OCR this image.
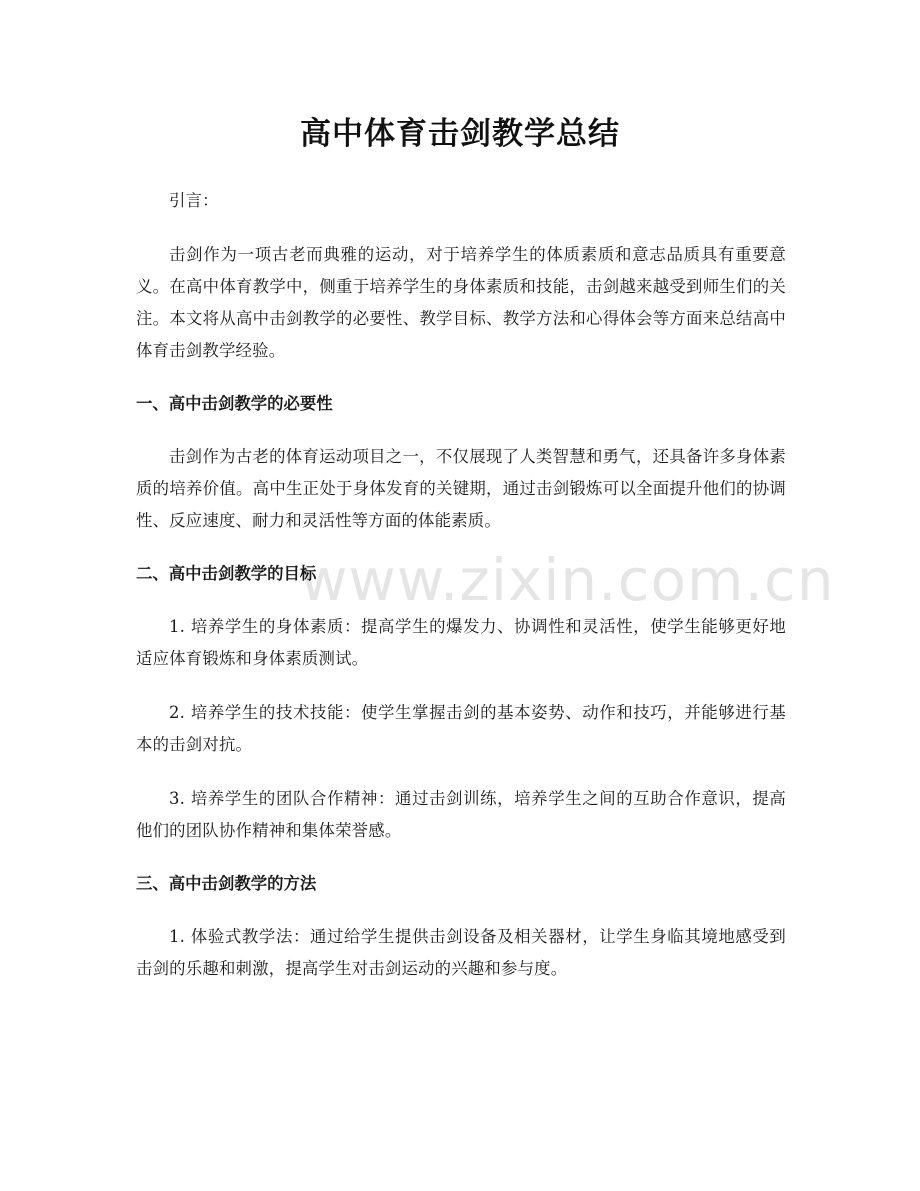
高中体育击剑教学总结

引言：

击剑作为一项古老而典雅的运动，对于培养学生的体质素质和意志品质具有重要意义。在高中体育教学中，侧重于培养学生的身体素质和技能，击剑越来越受到师生们的关注。本文将从高中击剑教学的必要性、教学目标、教学方法和心得体会等方面来总结高中体育击剑教学经验。

一、高中击剑教学的必要性

击剑作为古老的体育运动项目之一，不仅展现了人类智慧和勇气，还具备许多身体素质的培养价值。高中生正处于身体发育的关键期，通过击剑锻炼可以全面提升他们的协调性、反应速度、耐力和灵活性等方面的体能素质。

二、高中击剑教学的目标

1. 培养学生的身体素质：提高学生的爆发力、协调性和灵活性，使学生能够更好地适应体育锻炼和身体素质测试。

2. 培养学生的技术技能：使学生掌握击剑的基本姿势、动作和技巧，并能够进行基本的击剑对抗。

3. 培养学生的团队合作精神：通过击剑训练，培养学生之间的互助合作意识，提高他们的团队协作精神和集体荣誉感。

三、高中击剑教学的方法

1. 体验式教学法：通过给学生提供击剑设备及相关器材，让学生身临其境地感受到击剑的乐趣和刺激，提高学生对击剑运动的兴趣和参与度。

www.zixin.com.cn
